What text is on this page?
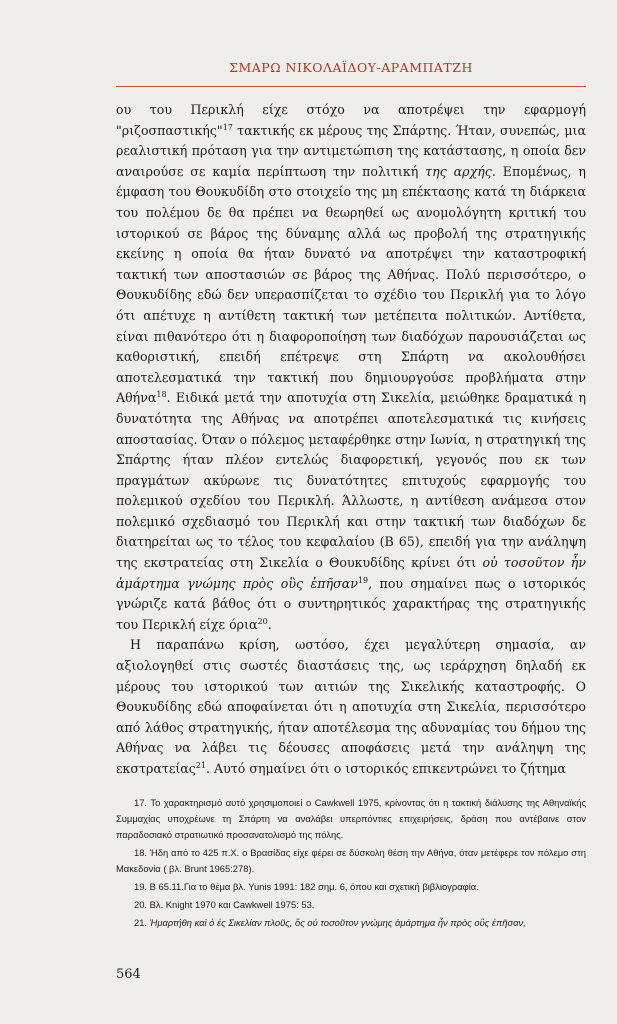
ΣΜΑΡΩ ΝΙΚΟΛΑΪΔΟΥ-ΑΡΑΜΠΑΤΖΗ

ου του Περικλή είχε στόχο να αποτρέψει την εφαρμογή "ριζοσπαστικής"$^{17}$ τακτικής εκ μέρους της Σπάρτης. Ήταν, συνεπώς, μια ρεαλιστική πρόταση για την αντιμετώπιση της κατάστασης, η οποία δεν αναιρούσε σε καμία περίπτωση την πολιτική της αρχής. Επομένως, η έμφαση του Θουκυδίδη στο στοιχείο της μη επέκτασης κατά τη διάρκεια του πολέμου δε θα πρέπει να θεωρηθεί ως ανομολόγητη κριτική του ιστορικού σε βάρος της δύναμης αλλά ως προβολή της στρατηγικής εκείνης η οποία θα ήταν δυνατό να αποτρέψει την καταστροφική τακτική των αποστασιών σε βάρος της Αθήνας. Πολύ περισσότερο, ο Θουκυδίδης εδώ δεν υπερασπίζεται το σχέδιο του Περικλή για το λόγο ότι απέτυχε η αντίθετη τακτική των μετέπειτα πολιτικών. Αντίθετα, είναι πιθανότερο ότι η διαφοροποίηση των διαδόχων παρουσιάζεται ως καθοριστική, επειδή επέτρεψε στη Σπάρτη να ακολουθήσει αποτελεσματικά την τακτική που δημιουργούσε προβλήματα στην Αθήνα$^{18}$. Ειδικά μετά την αποτυχία στη Σικελία, μειώθηκε δραματικά η δυνατότητα της Αθήνας να αποτρέπει αποτελεσματικά τις κινήσεις αποστασίας. Όταν ο πόλεμος μεταφέρθηκε στην Ιωνία, η στρατηγική της Σπάρτης ήταν πλέον εντελώς διαφορετική, γεγονός που εκ των πραγμάτων ακύρωνε τις δυνατότητες επιτυχούς εφαρμογής του πολεμικού σχεδίου του Περικλή. Άλλωστε, η αντίθεση ανάμεσα στον πολεμικό σχεδιασμό του Περικλή και στην τακτική των διαδόχων δε διατηρείται ως το τέλος του κεφαλαίου (Β 65), επειδή για την ανάληψη της εκστρατείας στη Σικελία ο Θουκυδίδης κρίνει ότι οὐ τοσοῦτον ἦν ἁμάρτημα γνώμης πρὸς οὓς ἐπῆσαν$^{19}$, που σημαίνει πως ο ιστορικός γνώριζε κατά βάθος ότι ο συντηρητικός χαρακτήρας της στρατηγικής του Περικλή είχε όρια$^{20}$.

Η παραπάνω κρίση, ωστόσο, έχει μεγαλύτερη σημασία, αν αξιολογηθεί στις σωστές διαστάσεις της, ως ιεράρχηση δηλαδή εκ μέρους του ιστορικού των αιτιών της Σικελικής καταστροφής. Ο Θουκυδίδης εδώ αποφαίνεται ότι η αποτυχία στη Σικελία, περισσότερο από λάθος στρατηγικής, ήταν αποτέλεσμα της αδυναμίας του δήμου της Αθήνας να λάβει τις δέουσες αποφάσεις μετά την ανάληψη της εκστρατείας$^{21}$. Αυτό σημαίνει ότι ο ιστορικός επικεντρώνει το ζήτημα

17. Το χαρακτηρισμό αυτό χρησιμοποιεί ο Cawkwell 1975, κρίνοντας ότι η τακτική διάλυσης της Αθηναϊκής Συμμαχίας υποχρέωνε τη Σπάρτη να αναλάβει υπερπόντιες επιχειρήσεις, δράση που αντέβαινε στον παραδοσιακό στρατιωτικό προσανατολισμό της πόλης.

18. Ήδη από το 425 π.Χ. ο Βρασίδας είχε φέρει σε δύσκολη θέση την Αθήνα, όταν μετέφερε τον πόλεμο στη Μακεδονία ( βλ. Brunt 1965:278).

19. Β 65.11.Για το θέμα βλ. Yunis 1991: 182 σημ. 6, όπου και σχετική βιβλιογραφία.

20. Βλ. Knight 1970 και Cawkwell 1975: 53.

21. Ἡμαρτήθη καὶ ὁ ἐς Σικελίαν πλοῦς, ὃς οὐ τοσοῦτον γνώμης ἁμάρτημα ἦν πρὸς οὓς ἐπῆσαν,

564
